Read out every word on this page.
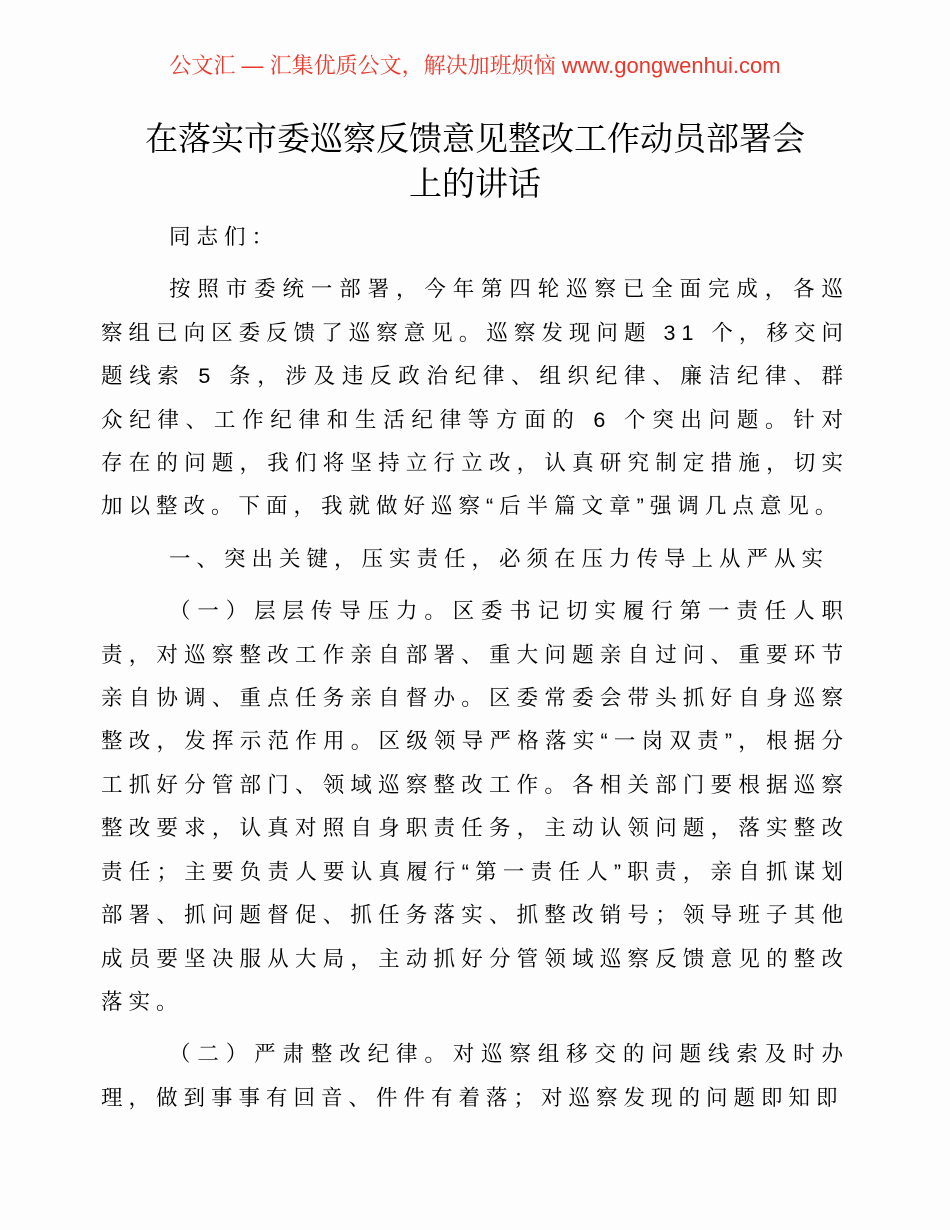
公文汇 — 汇集优质公文，解决加班烦恼 www.gongwenhui.com
在落实市委巡察反馈意见整改工作动员部署会上的讲话

同志们：

按照市委统一部署，今年第四轮巡察已全面完成，各巡察组已向区委反馈了巡察意见。巡察发现问题 31 个，移交问题线索 5 条，涉及违反政治纪律、组织纪律、廉洁纪律、群众纪律、工作纪律和生活纪律等方面的 6 个突出问题。针对存在的问题，我们将坚持立行立改，认真研究制定措施，切实加以整改。下面，我就做好巡察“后半篇文章”强调几点意见。

一、突出关键，压实责任，必须在压力传导上从严从实

（一）层层传导压力。区委书记切实履行第一责任人职责，对巡察整改工作亲自部署、重大问题亲自过问、重要环节亲自协调、重点任务亲自督办。区委常委会带头抓好自身巡察整改，发挥示范作用。区级领导严格落实“一岗双责”，根据分工抓好分管部门、领域巡察整改工作。各相关部门要根据巡察整改要求，认真对照自身职责任务，主动认领问题，落实整改责任；主要负责人要认真履行“第一责任人”职责，亲自抓谋划部署、抓问题督促、抓任务落实、抓整改销号；领导班子其他成员要坚决服从大局，主动抓好分管领域巡察反馈意见的整改落实。

（二）严肃整改纪律。对巡察组移交的问题线索及时办理，做到事事有回音、件件有着落；对巡察发现的问题即知即
